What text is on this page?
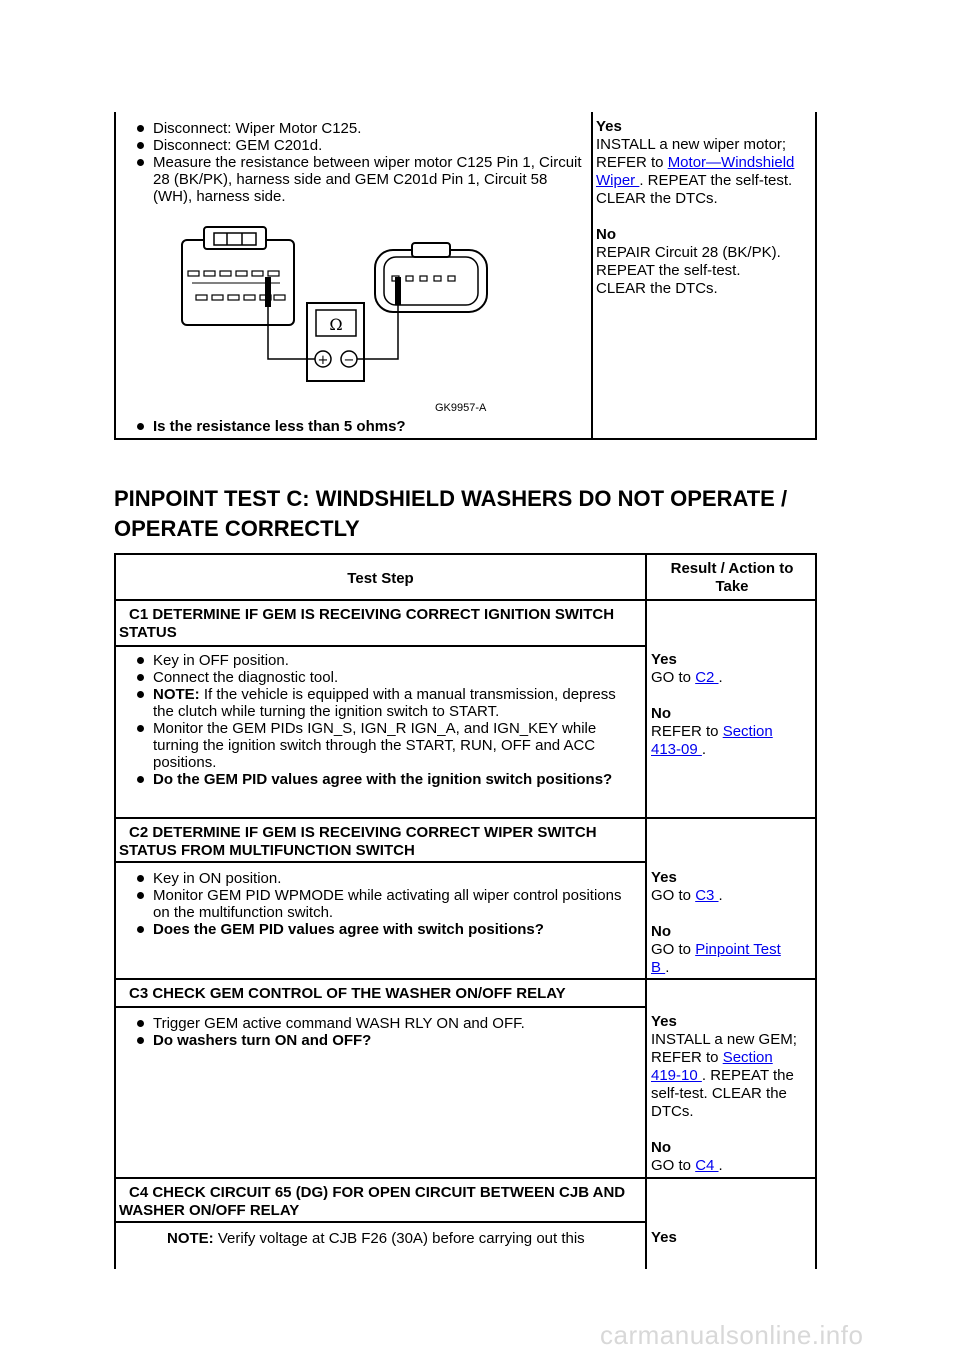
Disconnect: Wiper Motor C125.
Disconnect: GEM C201d.
Measure the resistance between wiper motor C125 Pin 1, Circuit 28 (BK/PK), harness side and GEM C201d Pin 1, Circuit 58 (WH), harness side.
Ω
+ −
GK9957-A
Is the resistance less than 5 ohms?
Yes
INSTALL a new wiper motor;
REFER to Motor—Windshield
Wiper . REPEAT the self-test.
CLEAR the DTCs.
No
REPAIR Circuit 28 (BK/PK).
REPEAT the self-test.
CLEAR the DTCs.
PINPOINT TEST C: WINDSHIELD WASHERS DO NOT OPERATE / OPERATE CORRECTLY
Test Step
Result / Action to Take
C1 DETERMINE IF GEM IS RECEIVING CORRECT IGNITION SWITCH STATUS
Key in OFF position.
Connect the diagnostic tool.
NOTE: If the vehicle is equipped with a manual transmission, depress the clutch while turning the ignition switch to START.
Monitor the GEM PIDs IGN_S, IGN_R IGN_A, and IGN_KEY while turning the ignition switch through the START, RUN, OFF and ACC positions.
Do the GEM PID values agree with the ignition switch positions?
Yes
GO to C2 .
No
REFER to Section
413-09 .
C2 DETERMINE IF GEM IS RECEIVING CORRECT WIPER SWITCH STATUS FROM MULTIFUNCTION SWITCH
Key in ON position.
Monitor GEM PID WPMODE while activating all wiper control positions on the multifunction switch.
Does the GEM PID values agree with switch positions?
Yes
GO to C3 .
No
GO to Pinpoint Test
B .
C3 CHECK GEM CONTROL OF THE WASHER ON/OFF RELAY
Trigger GEM active command WASH RLY ON and OFF.
Do washers turn ON and OFF?
Yes
INSTALL a new GEM;
REFER to Section
419-10 . REPEAT the
self-test. CLEAR the
DTCs.
No
GO to C4 .
C4 CHECK CIRCUIT 65 (DG) FOR OPEN CIRCUIT BETWEEN CJB AND WASHER ON/OFF RELAY
NOTE: Verify voltage at CJB F26 (30A) before carrying out this	Yes
carmanualsonline.info
